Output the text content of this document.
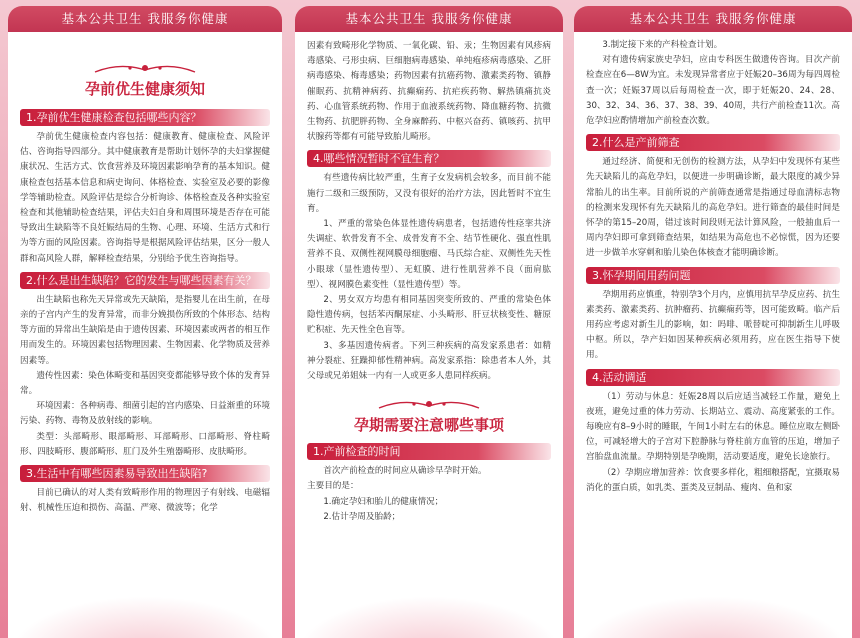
基本公共卫生 我服务你健康
孕前优生健康须知
1.孕前优生健康检查包括哪些内容？

孕前优生健康检查内容包括：健康教育、健康检查、风险评估、咨询指导四部分。其中健康教育是帮助计划怀孕的夫妇掌握健康状况、生活方式、饮食营养及环境因素影响孕育的基本知识。健康检查包括基本信息和病史询问、体格检查、实验室及必要的影像学等辅助检查。风险评估是综合分析询诊、体格检查及各种实验室检查和其他辅助检查结果，评估夫妇自身和周围环境是否存在可能导致出生缺陷等不良妊娠结局的生物、心理、环境、生活方式和行为等方面的风险因素。咨询指导是根据风险评估结果，区分一般人群和高风险人群，解释检查结果，分别给予优生咨询指导。

2.什么是出生缺陷？它的发生与哪些因素有关？

出生缺陷也称先天异常或先天缺陷，是指婴儿在出生前，在母亲的子宫内产生的发育异常，而非分娩损伤所致的个体形态、结构等方面的异常出生缺陷是由于遗传因素、环境因素或两者的相互作用而发生的。环境因素包括物理因素、生物因素、化学物质及营养因素等。

遗传性因素：染色体畸变和基因突变都能够导致个体的发育异常。

环境因素：各种病毒、细菌引起的宫内感染、日益渐重的环境污染、药物、毒物及放射线的影响。

类型：头部畸形、眼部畸形、耳部畸形、口部畸形、脊柱畸形、四肢畸形、腹部畸形、肛门及外生殖器畸形、皮肤畸形。

3.生活中有哪些因素易导致出生缺陷?

目前已确认的对人类有致畸形作用的物理因子有射线、电磁辐射、机械性压迫和损伤、高温、严寒、微波等；化学

基本公共卫生 我服务你健康

因素有致畸形化学物质、一氧化碳、铅、汞；生物因素有风疹病毒感染、弓形虫病、巨细胞病毒感染、单纯疱疹病毒感染、乙肝病毒感染、梅毒感染；药物因素有抗癌药物、激素类药物、镇静催眠药、抗精神病药、抗癫痫药、抗疟疾药物、解热镇痛抗炎药、心血管系统药物、作用于血液系统药物、降血糖药物、抗微生物药、抗肥胖药物、全身麻醉药、中枢兴奋药、镇咳药、抗甲状腺药等都有可能导致胎儿畸形。

4.哪些情况暂时不宜生育？

有些遗传病比较严重，生育子女发病机会较多，而目前不能施行二级和三级预防，又没有很好的治疗方法，因此暂时不宜生育。

1、严重的常染色体显性遗传病患者，包括遗传性痉挛共济失调症、软骨发育不全、成骨发育不全、结节性硬化、强直性肌营养不良、双侧性视网膜母细胞瘤、马氏综合症、双侧性先天性小眼球（显性遗传型）、无虹膜、进行性肌营养不良（面肩肱型）、视网膜色素变性（显性遗传型）等。

2、男女双方均患有相同基因突变所致的、严重的常染色体隐性遗传病，包括苯丙酮尿症、小头畸形、肝豆状核变性、糖原贮积症、先天性全色盲等。

3、多基因遗传病者。下列三种疾病的高发家系患者：如精神分裂症、狂躁抑郁性精神病。高发家系指：除患者本人外，其父母或兄弟姐妹一内有一人或更多人患同样疾病。

孕期需要注意哪些事项
1.产前检查的时间

首次产前检查的时间应从确诊早孕时开始。

主要目的是：

1.确定孕妇和胎儿的健康情况；

2.估计孕周及胎龄；

基本公共卫生 我服务你健康

3.制定接下来的产科检查计划。

对有遗传病家族史孕妇，应由专科医生做遗传咨询。目次产前检查应在6—8W为宜。未发现异常者应于妊娠20–36周为每四周检查一次；妊娠37周以后每周检查一次，即于妊娠20、24、28、30、32、34、36、37、38、39、40周，共行产前检查11次。高危孕妇应酌情增加产前检查次数。

2.什么是产前筛查

通过经济、简便和无创伤的检测方法，从孕妇中发现怀有某些先天缺陷儿的高危孕妇，以便进一步明确诊断，最大限度的减少异常胎儿的出生率。目前所说的产前筛查通常是指通过母血清标志物的检测来发现怀有先天缺陷儿的高危孕妇。进行筛查的最佳时间是怀孕的第15–20周，错过该时间段则无法计算风险，一般抽血后一周内孕妇即可拿到筛查结果，如结果为高危也不必惊慌，因为还要进一步做羊水穿刺和胎儿染色体核查才能明确诊断。

3.怀孕期间用药问题

孕期用药应慎重，特别孕3个月内，应慎用抗早孕反应药、抗生素类药、激素类药、抗肿瘤药、抗癫痫药等，因可能致畸。临产后用药应考虑对新生儿的影响，如：吗啡、哌替啶可抑制新生儿呼吸中枢。所以，孕产妇如因某种疾病必须用药，应在医生指导下使用。

4.活动调适

（1）劳动与休息：妊娠28周以后应适当减轻工作量，避免上夜班，避免过重的体力劳动、长期站立、震动、高度紧张的工作。每晚应有8–9小时的睡眠，午间1小时左右的休息。睡位应取左侧卧位，可减轻增大的子宫对下腔静脉与脊柱前方血管的压迫，增加子宫胎盘血流量。孕期特别是孕晚期，活动要适度，避免长途旅行。

（2）孕期应增加营养：饮食要多样化，粗细粮搭配，宜摄取易消化的蛋白质，如乳类、蛋类及豆制品、瘦肉、鱼和家
